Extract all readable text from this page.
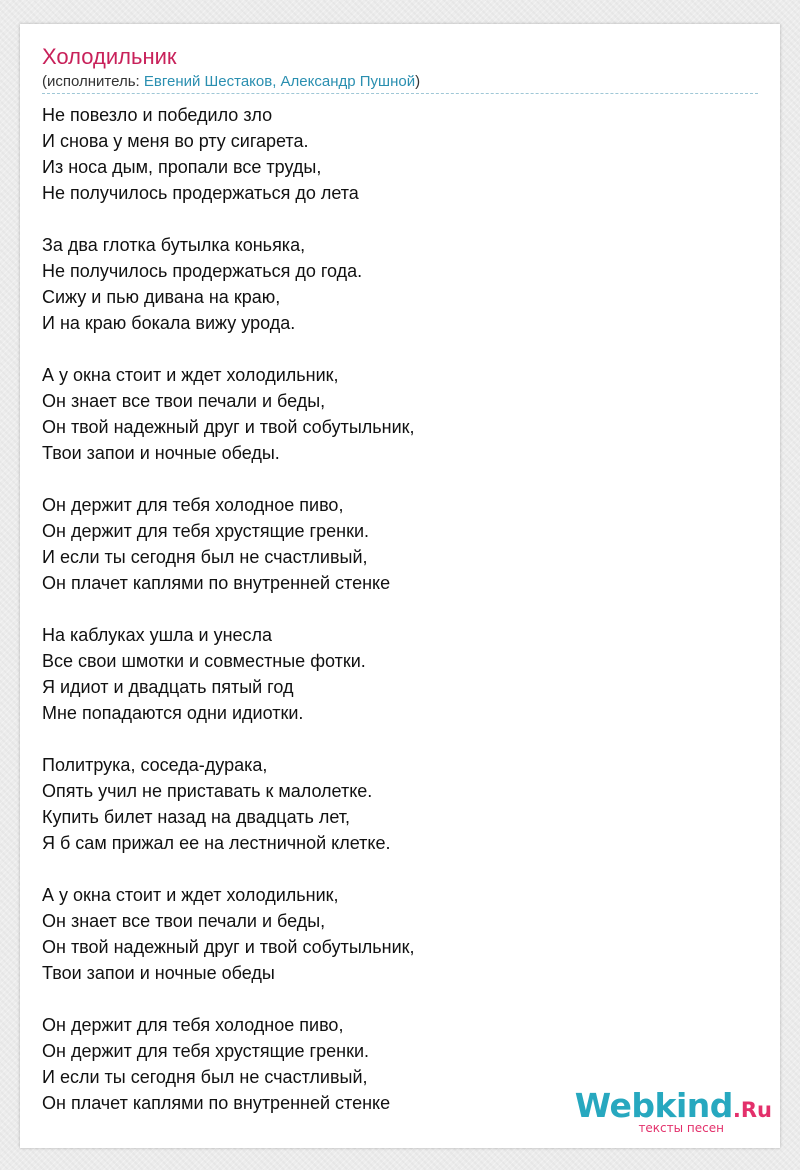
Холодильник
(исполнитель: Евгений Шестаков, Александр Пушной)
Не повезло и победило зло
И снова у меня во рту сигарета.
Из носа дым, пропали все труды,
Не получилось продержаться до лета
За два глотка бутылка коньяка,
Не получилось продержаться до года.
Сижу и пью дивана на краю,
И на краю бокала вижу урода.
А у окна стоит и ждет холодильник,
Он знает все твои печали и беды,
Он твой надежный друг и твой собутыльник,
Твои запои и ночные обеды.
Он держит для тебя холодное пиво,
Он держит для тебя хрустящие гренки.
И если ты сегодня был не счастливый,
Он плачет каплями по внутренней стенке
На каблуках ушла и унесла
Все свои шмотки и совместные фотки.
Я идиот и двадцать пятый год
Мне попадаются одни идиотки.
Политрука, соседа-дурака,
Опять учил не приставать к малолетке.
Купить билет назад на двадцать лет,
Я б сам прижал ее на лестничной клетке.
А у окна стоит и ждет холодильник,
Он знает все твои печали и беды,
Он твой надежный друг и твой собутыльник,
Твои запои и ночные обеды
Он держит для тебя холодное пиво,
Он держит для тебя хрустящие гренки.
И если ты сегодня был не счастливый,
Он плачет каплями по внутренней стенке	Webkind.Ru
тексты песен
